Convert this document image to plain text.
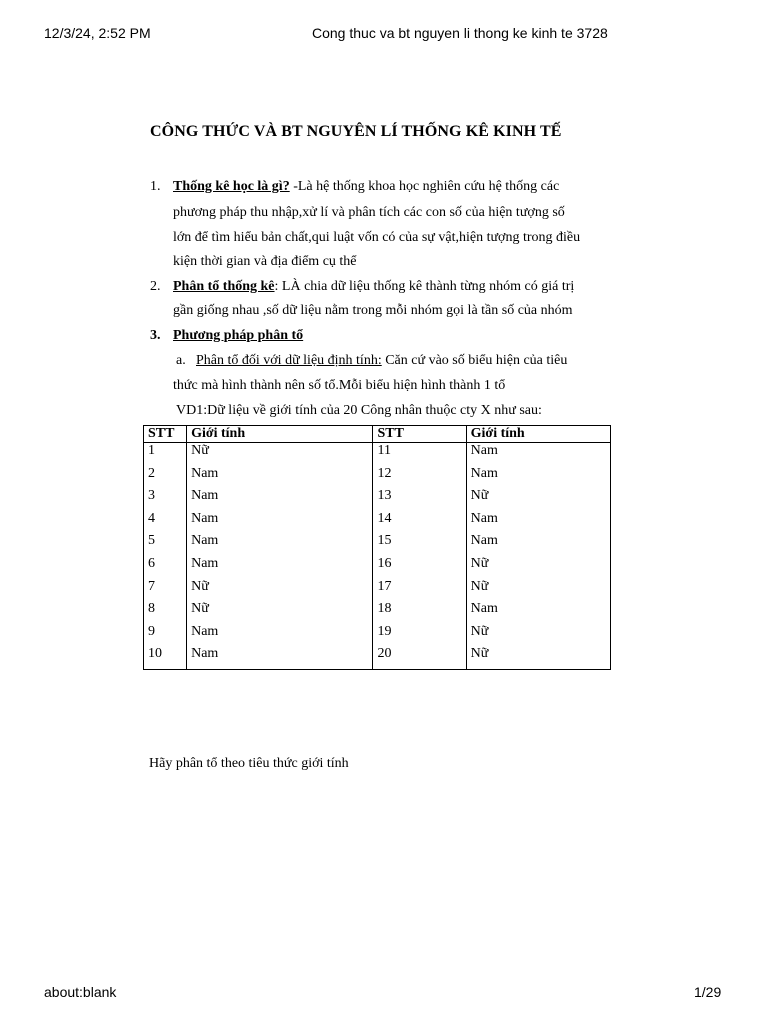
12/3/24, 2:52 PM	Cong thuc va bt nguyen li thong ke kinh te 3728
CÔNG THỨC VÀ BT NGUYÊN LÍ THỐNG KÊ KINH TẾ
1. Thống kê học là gì? -Là hệ thống khoa học nghiên cứu hệ thống các
phương pháp thu nhập,xử lí và phân tích các con số của hiện tượng số
lớn để tìm hiểu bản chất,qui luật vốn có của sự vật,hiện tượng trong điều
kiện thời gian và địa điểm cụ thể
2. Phân tổ thống kê: LÀ chia dữ liệu thống kê thành từng nhóm có giá trị
gần giống nhau ,số dữ liệu nằm trong mỗi nhóm gọi là tần số của nhóm
3. Phương pháp phân tổ
a. Phân tổ đối với dữ liệu định tính: Căn cứ vào số biểu hiện của tiêu
thức mà hình thành nên số tổ.Mỗi biểu hiện hình thành 1 tổ
VD1:Dữ liệu về giới tính của 20 Công nhân thuộc cty X như sau:
STT	Giới tính	STT	Giới tính
1	Nữ	11	Nam
2	Nam	12	Nam
3	Nam	13	Nữ
4	Nam	14	Nam
5	Nam	15	Nam
6	Nam	16	Nữ
7	Nữ	17	Nữ
8	Nữ	18	Nam
9	Nam	19	Nữ
10	Nam	20	Nữ
Hãy phân tổ theo tiêu thức giới tính
about:blank	1/29
